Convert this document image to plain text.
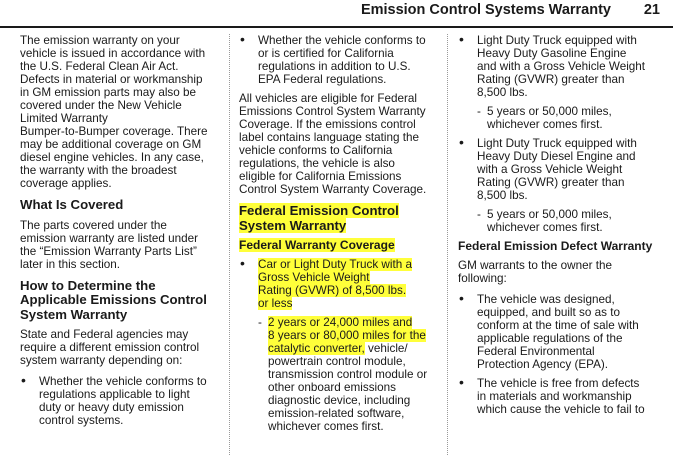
Emission Control Systems Warranty 21

The emission warranty on your
vehicle is issued in accordance with
the U.S. Federal Clean Air Act.
Defects in material or workmanship
in GM emission parts may also be
covered under the New Vehicle
Limited Warranty
Bumper-to-Bumper coverage. There
may be additional coverage on GM
diesel engine vehicles. In any case,
the warranty with the broadest
coverage applies.

What Is Covered

The parts covered under the
emission warranty are listed under
the “Emission Warranty Parts List”
later in this section.

How to Determine the
Applicable Emissions Control
System Warranty

State and Federal agencies may
require a different emission control
system warranty depending on:

• Whether the vehicle conforms to
regulations applicable to light
duty or heavy duty emission
control systems.
• Whether the vehicle conforms to
or is certified for California
regulations in addition to U.S.
EPA Federal regulations.

All vehicles are eligible for Federal
Emissions Control System Warranty
Coverage. If the emissions control
label contains language stating the
vehicle conforms to California
regulations, the vehicle is also
eligible for California Emissions
Control System Warranty Coverage.

Federal Emission Control
System Warranty
Federal Warranty Coverage
• Car or Light Duty Truck with a
Gross Vehicle Weight
Rating (GVWR) of 8,500 lbs.
or less
- 2 years or 24,000 miles and
8 years or 80,000 miles for the
catalytic converter, vehicle/
powertrain control module,
transmission control module or
other onboard emissions
diagnostic device, including
emission-related software,
whichever comes first.
• Light Duty Truck equipped with
Heavy Duty Gasoline Engine
and with a Gross Vehicle Weight
Rating (GVWR) greater than
8,500 lbs.
- 5 years or 50,000 miles,
whichever comes first.
• Light Duty Truck equipped with
Heavy Duty Diesel Engine and
with a Gross Vehicle Weight
Rating (GVWR) greater than
8,500 lbs.
- 5 years or 50,000 miles,
whichever comes first.
Federal Emission Defect Warranty

GM warrants to the owner the
following:

• The vehicle was designed,
equipped, and built so as to
conform at the time of sale with
applicable regulations of the
Federal Environmental
Protection Agency (EPA).
• The vehicle is free from defects
in materials and workmanship
which cause the vehicle to fail to
